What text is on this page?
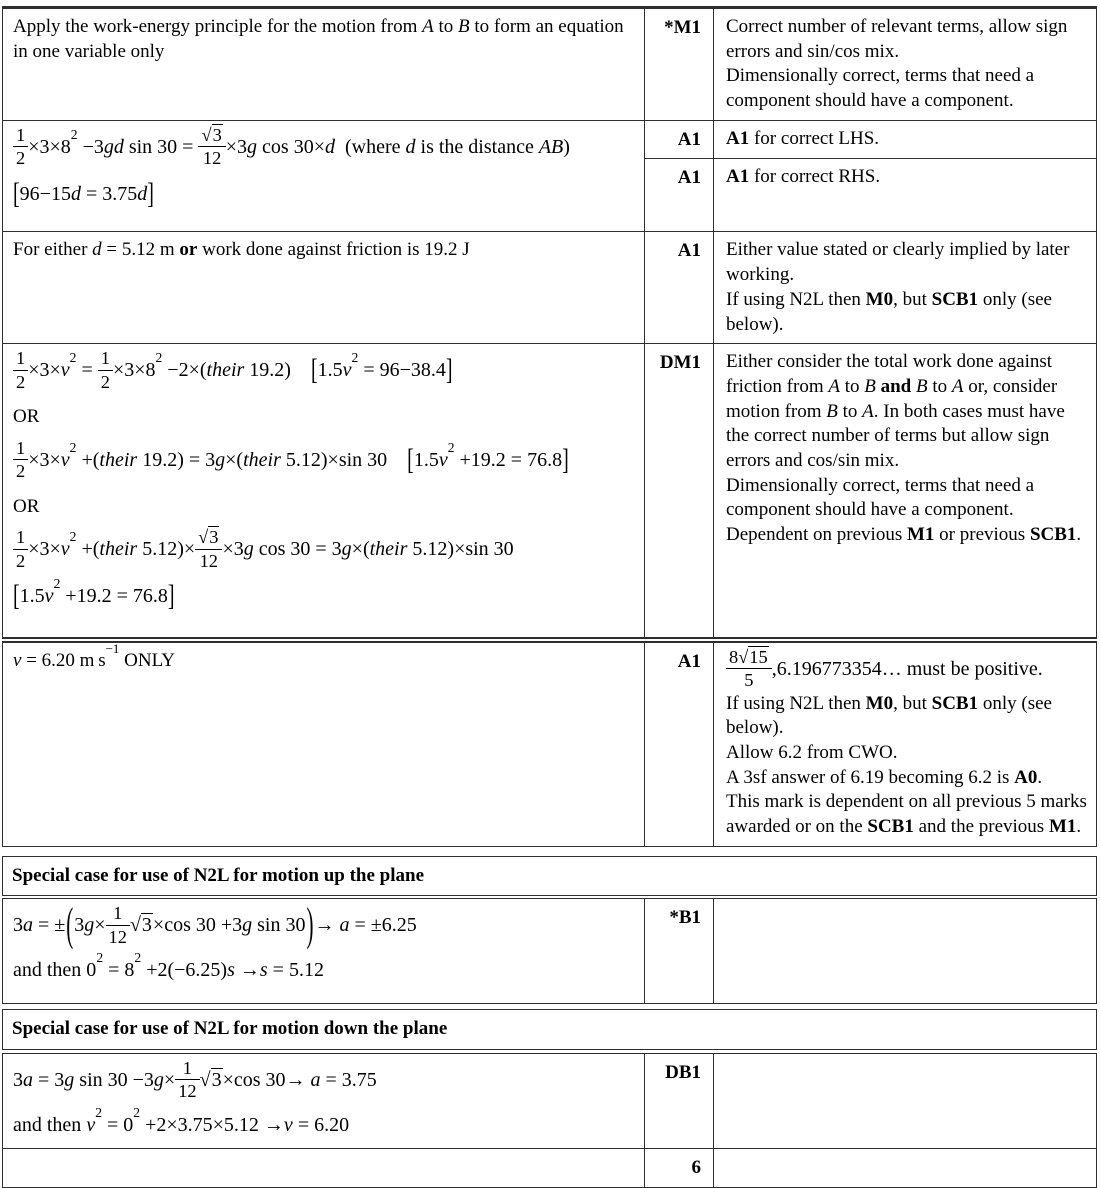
Apply the work-energy principle for the motion from A to B to form an equation in one variable only	*M1	Correct number of relevant terms, allow sign errors and sin/cos mix.
Dimensionally correct, terms that need a component should have a component.

$\frac{1}{2} \times 3\times 8^2 -3gd$ $\sin 30 = \frac{√3}{12} \times 3g$ cos 30×d (where d is the distance AB)
[96−15d = 3.75d]
	A1	A1 for correct LHS.

	A1	A1 for correct RHS.

For either d = 5.12 m or work done against friction is 19.2 J	A1	Either value stated or clearly implied by later working.
If using N2L then M0, but SCB1 only (see below).

$\frac{1}{2} \times 3\times v^2 = \frac{1}{2} \times 3\times 8^2$ −2×(their 19.2) $[1.5v^2 = 96-38.4]$
OR
$\frac{1}{2} \times 3\times v^2$ +(their 19.2) = 3g×(their 5.12)×sin 30 $[1.5v^2 +19.2 = 76.8]$
OR
$\frac{1}{2} \times 3\times v^2$ +(their $5.12)\times \frac{√3}{12} \times 3g$ cos 30 = 3g×(their 5.12)×sin 30
$[1.5v^2 +19.2 = 76.8]$
	DM1	Either consider the total work done against friction from A to B and B to A or, consider motion from B to A. In both cases must have the correct number of terms but allow sign errors and cos/sin mix.
Dimensionally correct, terms that need a component should have a component.
Dependent on previous M1 or previous SCB1.

v = 6.20 m $s^{-1}$ ONLY	A1	$\frac{8√15}{5}$ ,6.196773354… must be positive.
If using N2L then M0, but SCB1 only (see below).
Allow 6.2 from CWO.
A 3sf answer of 6.19 becoming 6.2 is A0.
This mark is dependent on all previous 5 marks awarded or on the SCB1 and the previous M1.
Special case for use of N2L for motion up the plane
$3a = \pm(3g\times \frac{1}{12} √3\times\cos$ 30 +3g sin 30)→ a = ±6.25
and then $0^2 = 8^2 +2(-6.25)s \to s = 5.12$
	*B1	
Special case for use of N2L for motion down the plane
3a = 3g $\sin 30 -3g\times \frac{1}{12} √3\times\cos$ 30→ a = 3.75
and then $v^2 = 0^2 +2\times 3.75\times 5.12 \to v = 6.20$	DB1	

	6	
